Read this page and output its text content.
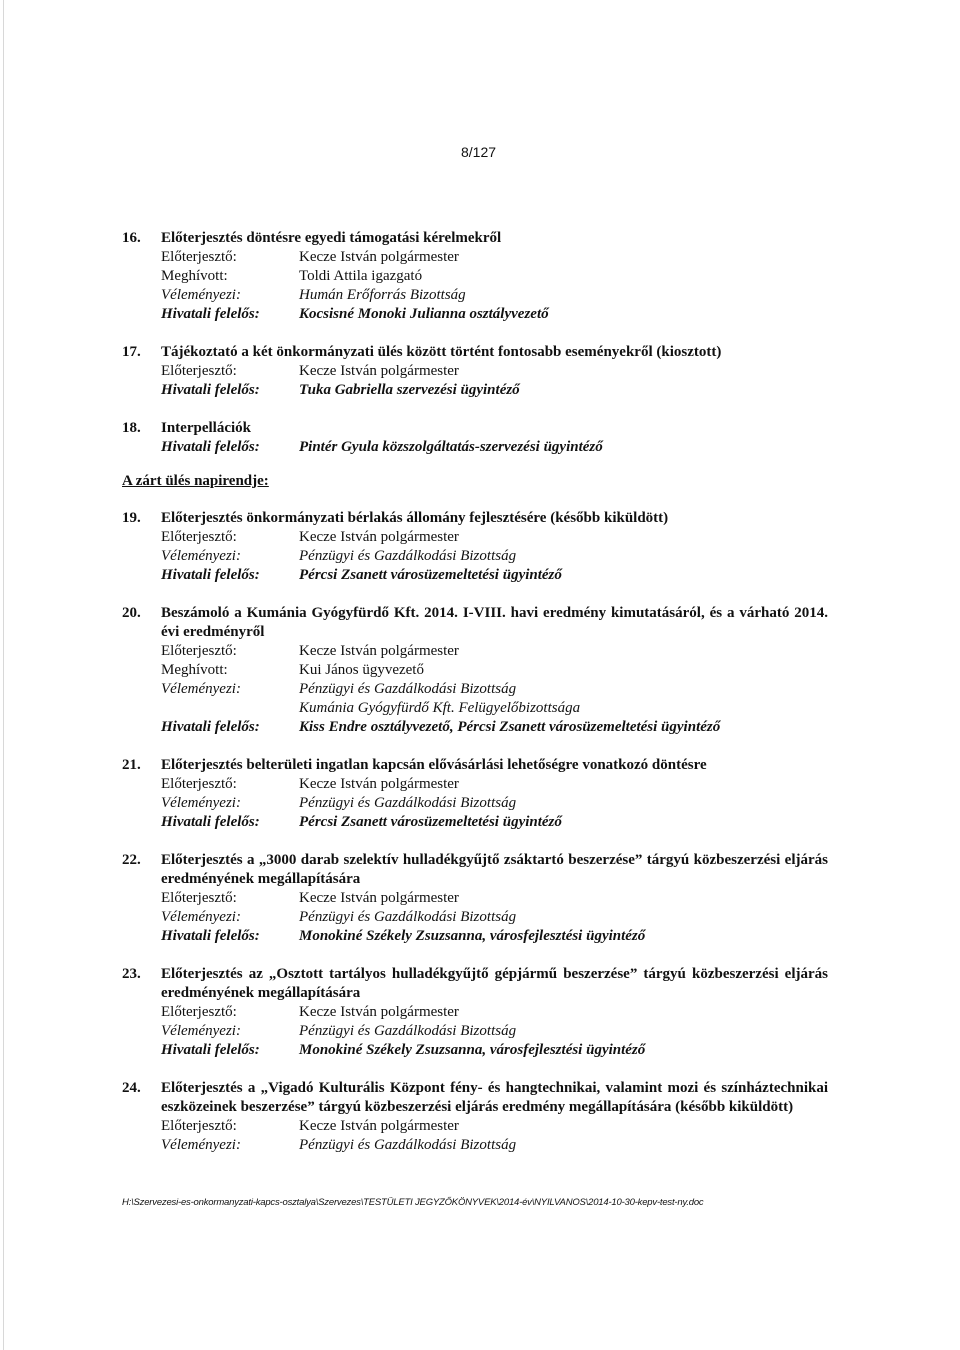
8/127
16.	Előterjesztés döntésre egyedi támogatási kérelmekről
Előterjesztő:	Kecze István polgármester
Meghívott:	Toldi Attila igazgató
Véleményezi:	Humán Erőforrás Bizottság
Hivatali felelős:	Kocsisné Monoki Julianna osztályvezető
17.	Tájékoztató a két önkormányzati ülés között történt fontosabb eseményekről (kiosztott)
Előterjesztő:	Kecze István polgármester
Hivatali felelős:	Tuka Gabriella szervezési ügyintéző
18.	Interpellációk
Hivatali felelős:	Pintér Gyula közszolgáltatás-szervezési ügyintéző
A zárt ülés napirendje:
19.	Előterjesztés önkormányzati bérlakás állomány fejlesztésére (később kiküldött)
Előterjesztő:	Kecze István polgármester
Véleményezi:	Pénzügyi és Gazdálkodási Bizottság
Hivatali felelős:	Pércsi Zsanett városüzemeltetési ügyintéző
20.	Beszámoló a Kumánia Gyógyfürdő Kft. 2014. I-VIII. havi eredmény kimutatásáról, és a várható 2014. évi eredményről
Előterjesztő:	Kecze István polgármester
Meghívott:	Kui János ügyvezető
Véleményezi:	Pénzügyi és Gazdálkodási Bizottság
Kumánia Gyógyfürdő Kft. Felügyelőbizottsága
Hivatali felelős:	Kiss Endre osztályvezető, Pércsi Zsanett városüzemeltetési ügyintéző
21.	Előterjesztés belterületi ingatlan kapcsán elővásárlási lehetőségre vonatkozó döntésre
Előterjesztő:	Kecze István polgármester
Véleményezi:	Pénzügyi és Gazdálkodási Bizottság
Hivatali felelős:	Pércsi Zsanett városüzemeltetési ügyintéző
22.	Előterjesztés a „3000 darab szelektív hulladékgyűjtő zsáktartó beszerzése” tárgyú közbeszerzési eljárás eredményének megállapítására
Előterjesztő:	Kecze István polgármester
Véleményezi:	Pénzügyi és Gazdálkodási Bizottság
Hivatali felelős:	Monokiné Székely Zsuzsanna, városfejlesztési ügyintéző
23.	Előterjesztés az „Osztott tartályos hulladékgyűjtő gépjármű beszerzése” tárgyú közbeszerzési eljárás eredményének megállapítására
Előterjesztő:	Kecze István polgármester
Véleményezi:	Pénzügyi és Gazdálkodási Bizottság
Hivatali felelős:	Monokiné Székely Zsuzsanna, városfejlesztési ügyintéző
24.	Előterjesztés a „Vigadó Kulturális Központ fény- és hangtechnikai, valamint mozi és színháztechnikai eszközeinek beszerzése” tárgyú közbeszerzési eljárás eredmény megállapítására (később kiküldött)
Előterjesztő:	Kecze István polgármester
Véleményezi:	Pénzügyi és Gazdálkodási Bizottság
H:\Szervezesi-es-onkormanyzati-kapcs-osztalya\Szervezes\TESTÜLETI JEGYZŐKÖNYVEK\2014-év\NYILVANOS\2014-10-30-kepv-test-ny.doc
